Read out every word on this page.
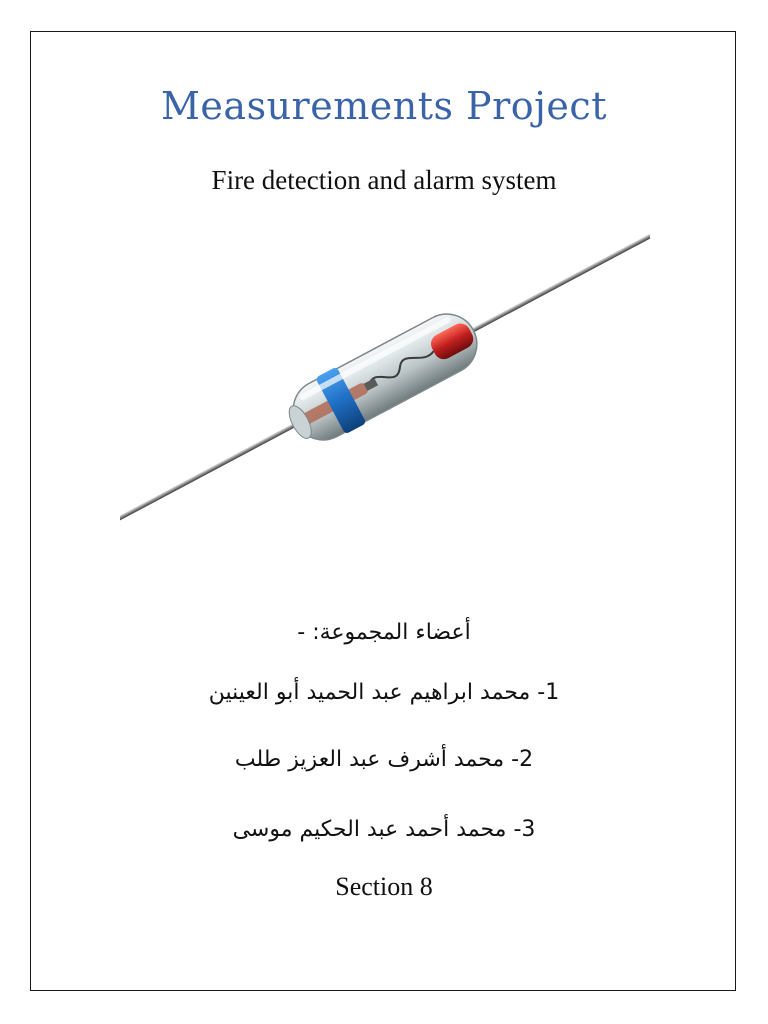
Measurements Project
Fire detection and alarm system
أعضاء المجموعة: -
1- محمد ابراهيم عبد الحميد أبو العينين
2- محمد أشرف عبد العزيز طلب
3- محمد أحمد عبد الحكيم موسى
Section 8
